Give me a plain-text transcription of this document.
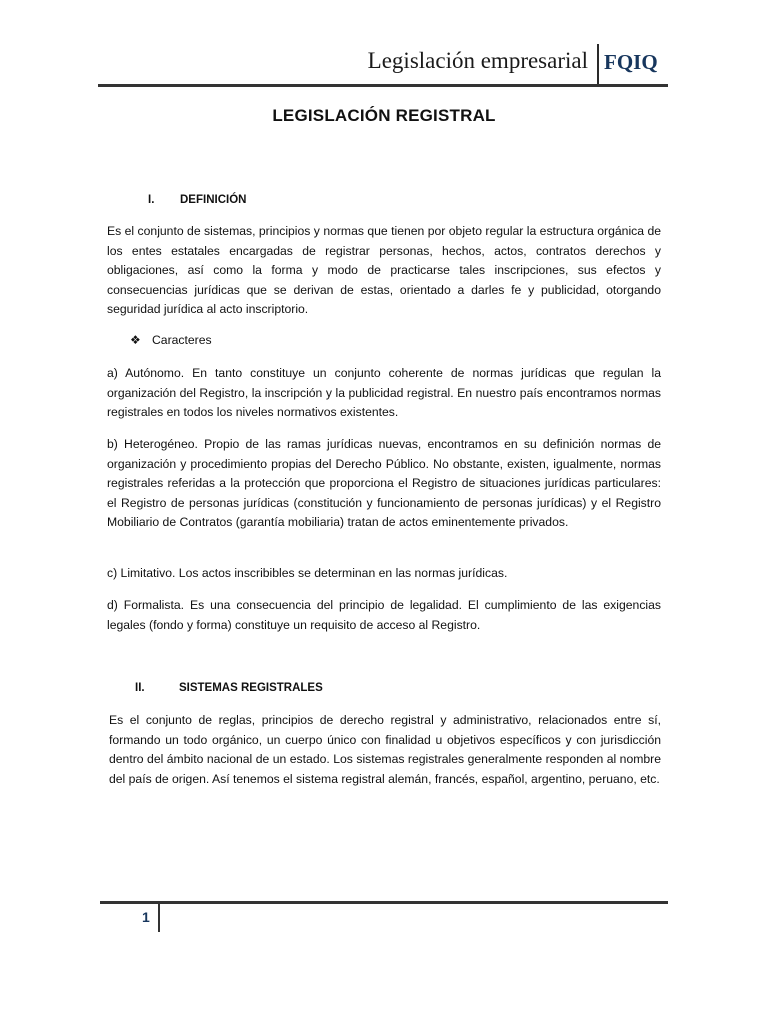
Legislación empresarial FQIQ
LEGISLACIÓN REGISTRAL
I. DEFINICIÓN

Es el conjunto de sistemas, principios y normas que tienen por objeto regular la estructura orgánica de los entes estatales encargadas de registrar personas, hechos, actos, contratos derechos y obligaciones, así como la forma y modo de practicarse tales inscripciones, sus efectos y consecuencias jurídicas que se derivan de estas, orientado a darles fe y publicidad, otorgando seguridad jurídica al acto inscriptorio.

❖ Caracteres

a) Autónomo. En tanto constituye un conjunto coherente de normas jurídicas que regulan la organización del Registro, la inscripción y la publicidad registral. En nuestro país encontramos normas registrales en todos los niveles normativos existentes.

b) Heterogéneo. Propio de las ramas jurídicas nuevas, encontramos en su definición normas de organización y procedimiento propias del Derecho Público. No obstante, existen, igualmente, normas registrales referidas a la protección que proporciona el Registro de situaciones jurídicas particulares: el Registro de personas jurídicas (constitución y funcionamiento de personas jurídicas) y el Registro Mobiliario de Contratos (garantía mobiliaria) tratan de actos eminentemente privados.

c) Limitativo. Los actos inscribibles se determinan en las normas jurídicas.

d) Formalista. Es una consecuencia del principio de legalidad. El cumplimiento de las exigencias legales (fondo y forma) constituye un requisito de acceso al Registro.

II.	SISTEMAS REGISTRALES

Es el conjunto de reglas, principios de derecho registral y administrativo, relacionados entre sí, formando un todo orgánico, un cuerpo único con finalidad u objetivos específicos y con jurisdicción dentro del ámbito nacional de un estado. Los sistemas registrales generalmente responden al nombre del país de origen. Así tenemos el sistema registral alemán, francés, español, argentino, peruano, etc.

1
